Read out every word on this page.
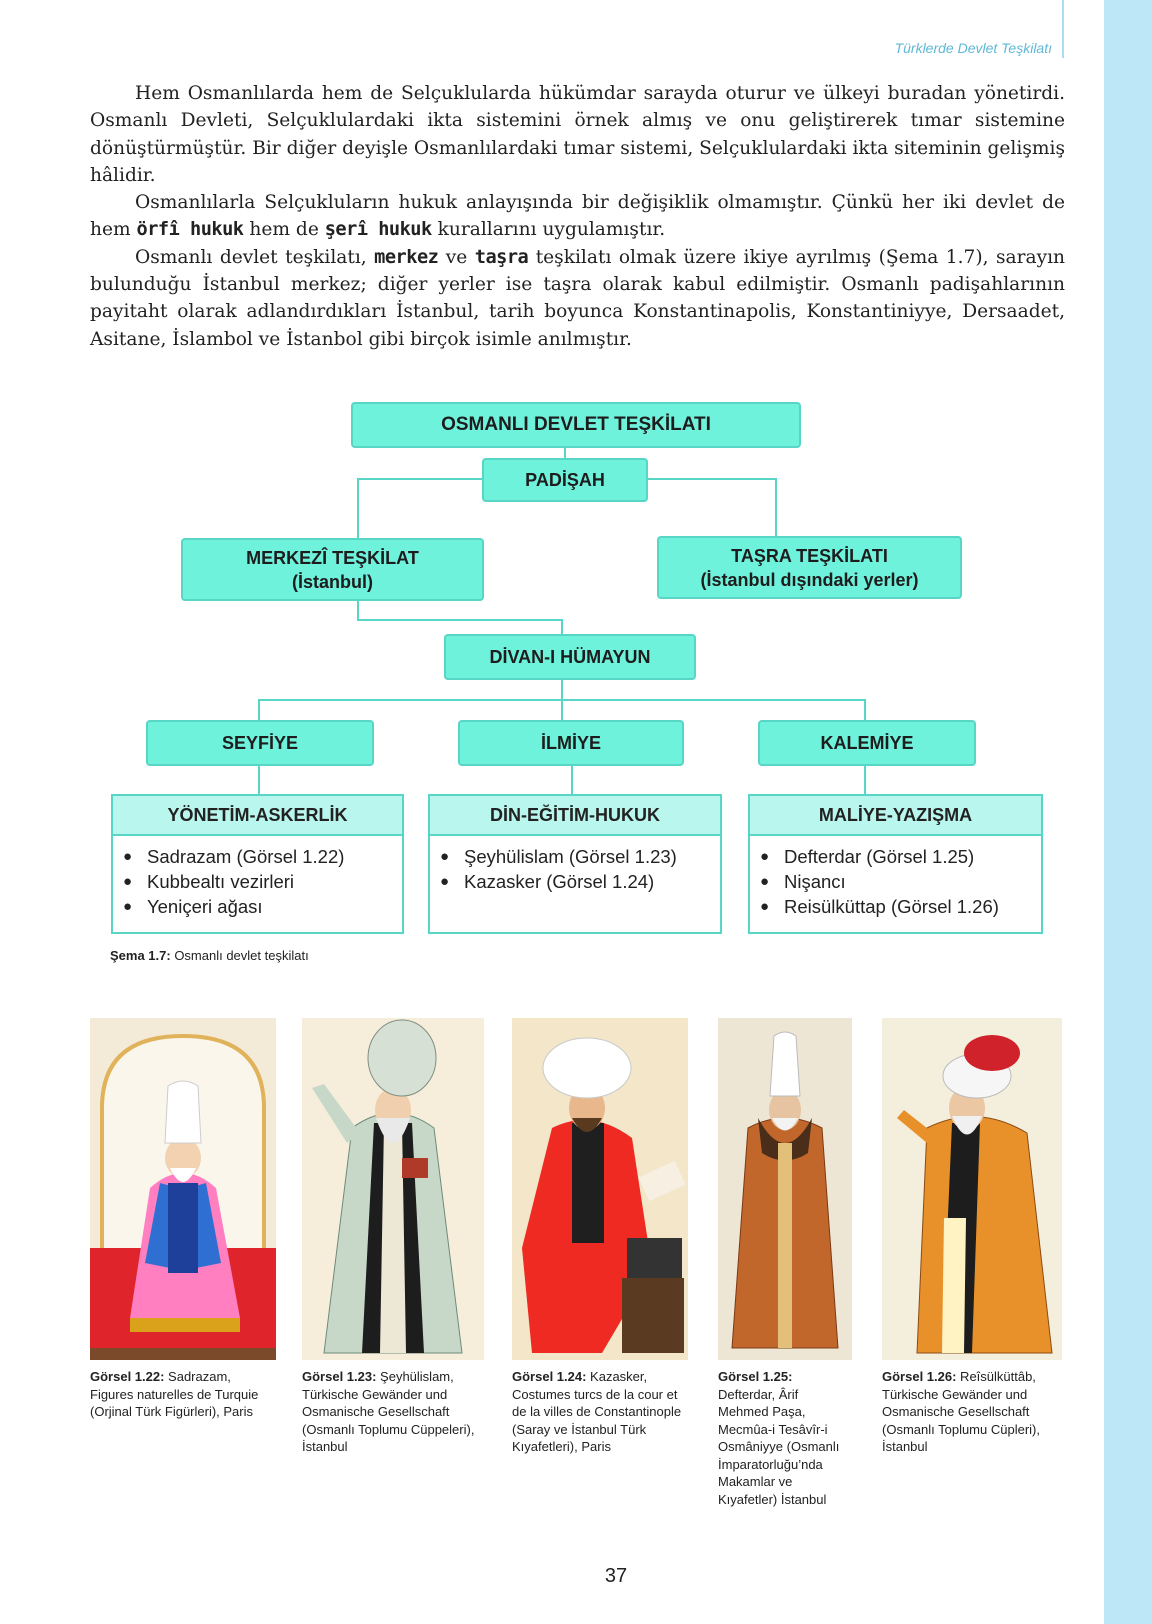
Türklerde Devlet Teşkilatı

Hem Osmanlılarda hem de Selçuklularda hükümdar sarayda oturur ve ülkeyi buradan yönetirdi. Osmanlı Devleti, Selçuklulardaki ikta sistemini örnek almış ve onu geliştirerek tımar sistemine dönüştürmüştür. Bir diğer deyişle Osmanlılardaki tımar sistemi, Selçuklulardaki ikta siteminin gelişmiş hâlidir.

Osmanlılarla Selçukluların hukuk anlayışında bir değişiklik olmamıştır. Çünkü her iki devlet de hem örfî hukuk hem de şerî hukuk kurallarını uygulamıştır.

Osmanlı devlet teşkilatı, merkez ve taşra teşkilatı olmak üzere ikiye ayrılmış (Şema 1.7), sarayın bulunduğu İstanbul merkez; diğer yerler ise taşra olarak kabul edilmiştir. Osmanlı padişahlarının payitaht olarak adlandırdıkları İstanbul, tarih boyunca Konstantinapolis, Konstantiniyye, Dersaadet, Asitane, İslambol ve İstanbol gibi birçok isimle anılmıştır.

OSMANLI DEVLET TEŞKİLATI
PADİŞAH
MERKEZÎ TEŞKİLAT
(İstanbul)
TAŞRA TEŞKİLATI
(İstanbul dışındaki yerler)
DİVAN-I HÜMAYUN
SEYFİYE	İLMİYE	KALEMİYE
YÖNETİM-ASKERLİK
● Sadrazam (Görsel 1.22)
● Kubbealtı vezirleri
● Yeniçeri ağası
DİN-EĞİTİM-HUKUK
● Şeyhülislam (Görsel 1.23)
● Kazasker (Görsel 1.24)
MALİYE-YAZIŞMA
● Defterdar (Görsel 1.25)
● Nişancı
● Reisülküttap (Görsel 1.26)
Şema 1.7: Osmanlı devlet teşkilatı
Görsel 1.22: Sadrazam, Figures naturelles de Turquie (Orjinal Türk Figürleri), Paris
Görsel 1.23: Şeyhülislam, Türkische Gewänder und Osmanische Gesellschaft (Osmanlı Toplumu Cüppeleri), İstanbul
Görsel 1.24: Kazasker, Costumes turcs de la cour et de la villes de Constantinople (Saray ve İstanbul Türk Kıyafetleri), Paris
Görsel 1.25: Defterdar, Ârif Mehmed Paşa, Mecmûa-i Tesâvîr-i Osmâniyye (Osmanlı İmparatorluğu’nda Makamlar ve Kıyafetler) İstanbul
Görsel 1.26: Reîsülküttâb, Türkische Gewänder und Osmanische Gesellschaft (Osmanlı Toplumu Cüpleri), İstanbul
37
